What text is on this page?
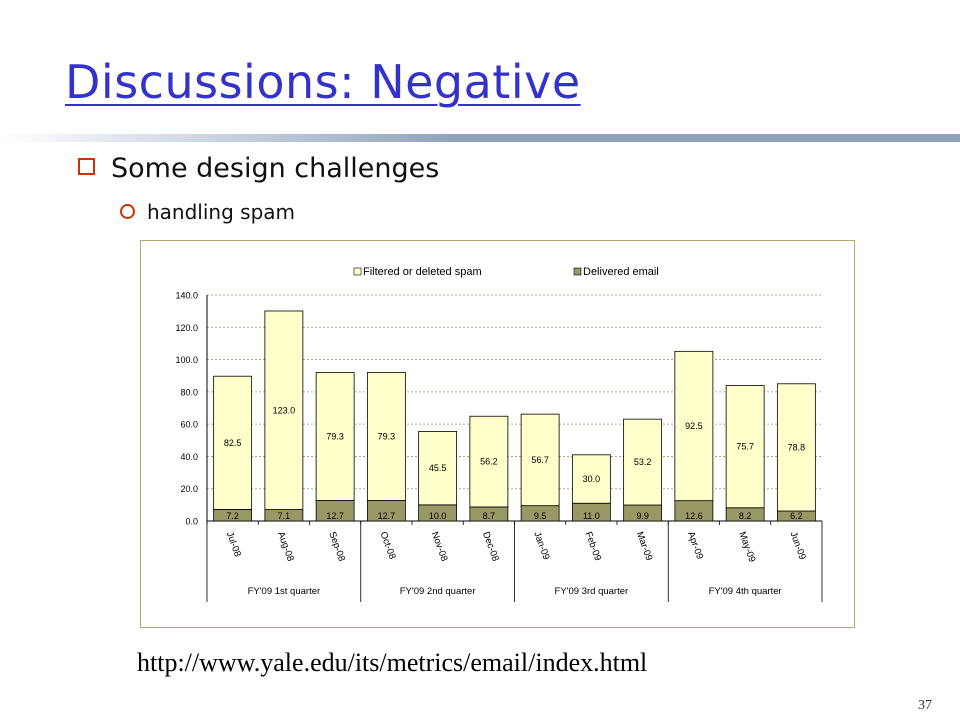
Discussions: Negative
Some design challenges
handling spam
0.0
20.0
40.0
60.0
80.0
100.0
120.0
140.0
Filtered or deleted spam	Delivered email
7.2
82.5
Jul-08
7.1
123.0
Aug-08
12.7
79.3
Sep-08
12.7
79.3
Oct-08
10.0
45.5
Nov-08
8.7
56.2
Dec-08
9.5
56.7
Jan-09
11.0
30.0
Feb-09
9.9
53.2
Mar-09
12.6
92.5
Apr-09
8.2
75.7
May-09
6.2
78.8
Jun-09
FY'09 1st quarter	FY'09 2nd quarter	FY'09 3rd quarter	FY'09 4th quarter
http://www.yale.edu/its/metrics/email/index.html
37
